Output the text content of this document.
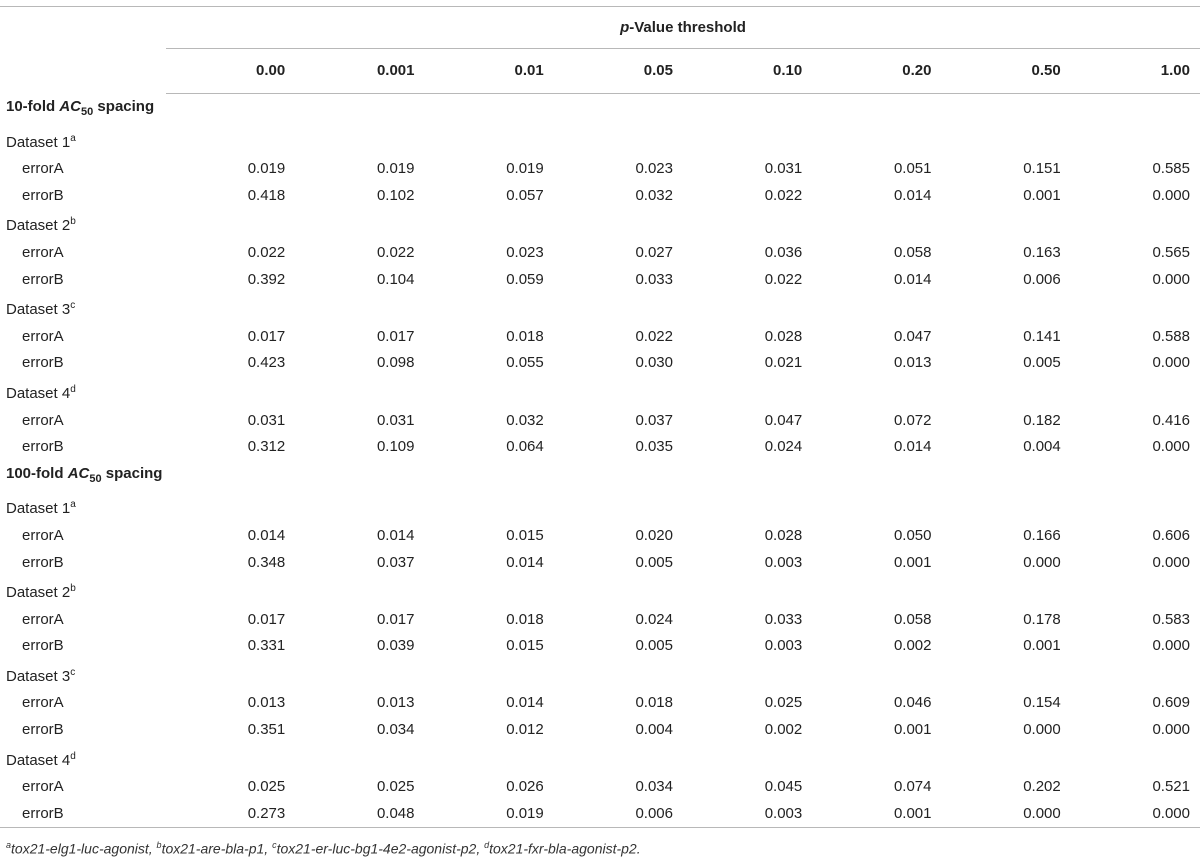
	p-Value threshold							
	0.00	0.001	0.01	0.05	0.10	0.20	0.50	1.00
10-fold $AC_{50}$ spacing								
Dataset 1$^a$
errorA	0.019	0.019	0.019	0.023	0.031	0.051	0.151	0.585
errorB	0.418	0.102	0.057	0.032	0.022	0.014	0.001	0.000
Dataset 2$^b$
errorA	0.022	0.022	0.023	0.027	0.036	0.058	0.163	0.565
errorB	0.392	0.104	0.059	0.033	0.022	0.014	0.006	0.000
Dataset 3$^c$
errorA	0.017	0.017	0.018	0.022	0.028	0.047	0.141	0.588
errorB	0.423	0.098	0.055	0.030	0.021	0.013	0.005	0.000
Dataset 4$^d$
errorA	0.031	0.031	0.032	0.037	0.047	0.072	0.182	0.416
errorB	0.312	0.109	0.064	0.035	0.024	0.014	0.004	0.000
100-fold $AC_{50}$ spacing								
Dataset 1$^a$
errorA	0.014	0.014	0.015	0.020	0.028	0.050	0.166	0.606
errorB	0.348	0.037	0.014	0.005	0.003	0.001	0.000	0.000
Dataset 2$^b$
errorA	0.017	0.017	0.018	0.024	0.033	0.058	0.178	0.583
errorB	0.331	0.039	0.015	0.005	0.003	0.002	0.001	0.000
Dataset 3$^c$
errorA	0.013	0.013	0.014	0.018	0.025	0.046	0.154	0.609
errorB	0.351	0.034	0.012	0.004	0.002	0.001	0.000	0.000
Dataset 4$^d$
errorA	0.025	0.025	0.026	0.034	0.045	0.074	0.202	0.521
errorB	0.273	0.048	0.019	0.006	0.003	0.001	0.000	0.000

$^a$tox21-elg1-luc-agonist, $^b$tox21-are-bla-p1, $^c$tox21-er-luc-bg1-4e2-agonist-p2, $^d$tox21-fxr-bla-agonist-p2.
